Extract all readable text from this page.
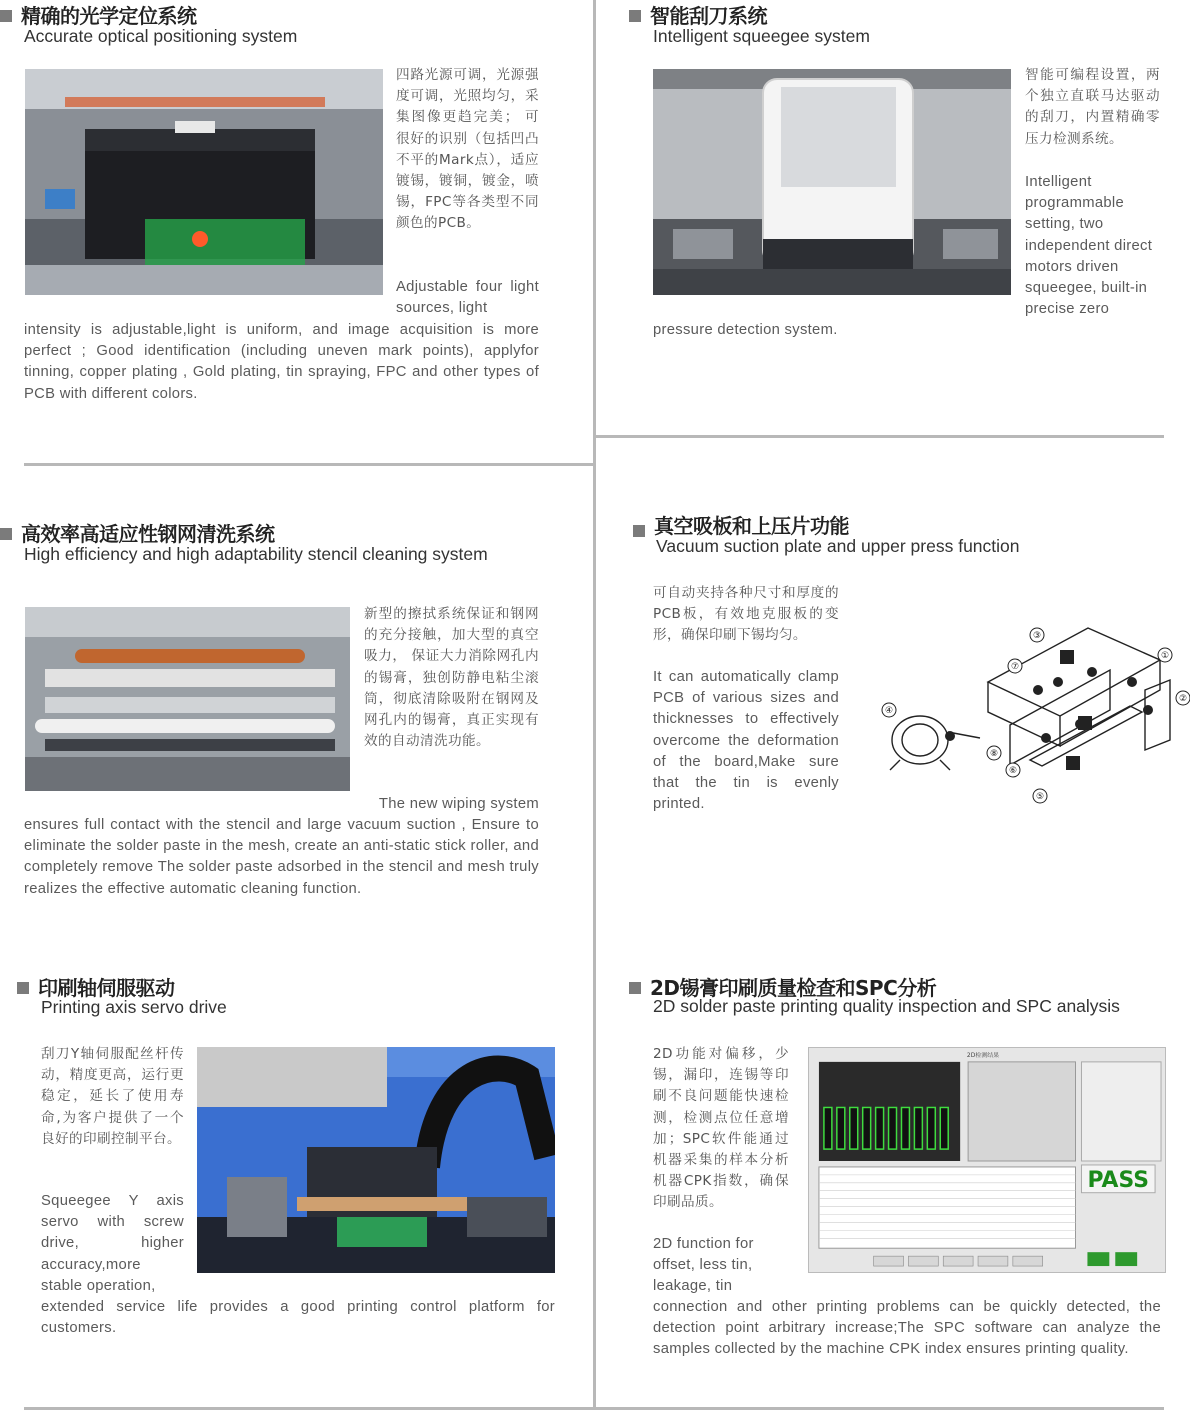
精确的光学定位系统
Accurate optical positioning system
四路光源可调，光源强度可调，光照均匀，采集图像更趋完美； 可很好的识别（包括凹凸不平的Mark点），适应镀锡，镀铜，镀金，喷锡，FPC等各类型不同颜色的PCB。
Adjustable four light sources, light
intensity is adjustable,light is uniform, and image acquisition is more perfect ; Good identification (including uneven mark points), applyfor tinning, copper plating , Gold plating, tin spraying, FPC and other types of PCB with different colors.
智能刮刀系统
Intelligent squeegee system
智能可编程设置，两个独立直联马达驱动的刮刀，内置精确零压力检测系统。
Intelligent programmable setting, two independent direct motors driven squeegee, built-in precise zero
pressure detection system.
高效率高适应性钢网清洗系统
High efficiency and high adaptability stencil cleaning system
新型的擦拭系统保证和钢网的充分接触，加大型的真空吸力， 保证大力消除网孔内的锡膏，独创防静电粘尘滚筒，彻底清除吸附在钢网及网孔内的锡膏，真正实现有效的自动清洗功能。
The new wiping system
ensures full contact with the stencil and large vacuum suction , Ensure to eliminate the solder paste in the mesh, create an anti-static stick roller, and completely remove The solder paste adsorbed in the stencil and mesh truly realizes the effective automatic cleaning function.
真空吸板和上压片功能
Vacuum suction plate and upper press function
可自动夹持各种尺寸和厚度的PCB板，有效地克服板的变形，确保印刷下锡均匀。
It can automatically clamp PCB of various sizes and thicknesses to effectively overcome the deformation of the board,Make sure that the tin is evenly printed.
①
②
③
④
⑤
⑥
⑦
⑧
印刷轴伺服驱动
Printing axis servo drive
刮刀Y轴伺服配丝杆传动，精度更高，运行更稳定，延长了使用寿命,为客户提供了一个良好的印刷控制平台。
Squeegee Y axis servo with screw drive, higher accuracy,more stable operation,
extended service life provides a good printing control platform for customers.
2D锡膏印刷质量检查和SPC分析
2D solder paste printing quality inspection and SPC analysis
2D功能对偏移，少锡，漏印，连锡等印刷不良问题能快速检测，检测点位任意增加；SPC软件能通过机器采集的样本分析机器CPK指数，确保印刷品质。
2D function for offset, less tin, leakage, tin
connection and other printing problems can be quickly detected, the detection point arbitrary increase;The SPC software can analyze the samples collected by the machine CPK index ensures printing quality.
2D检测结果
PASS
